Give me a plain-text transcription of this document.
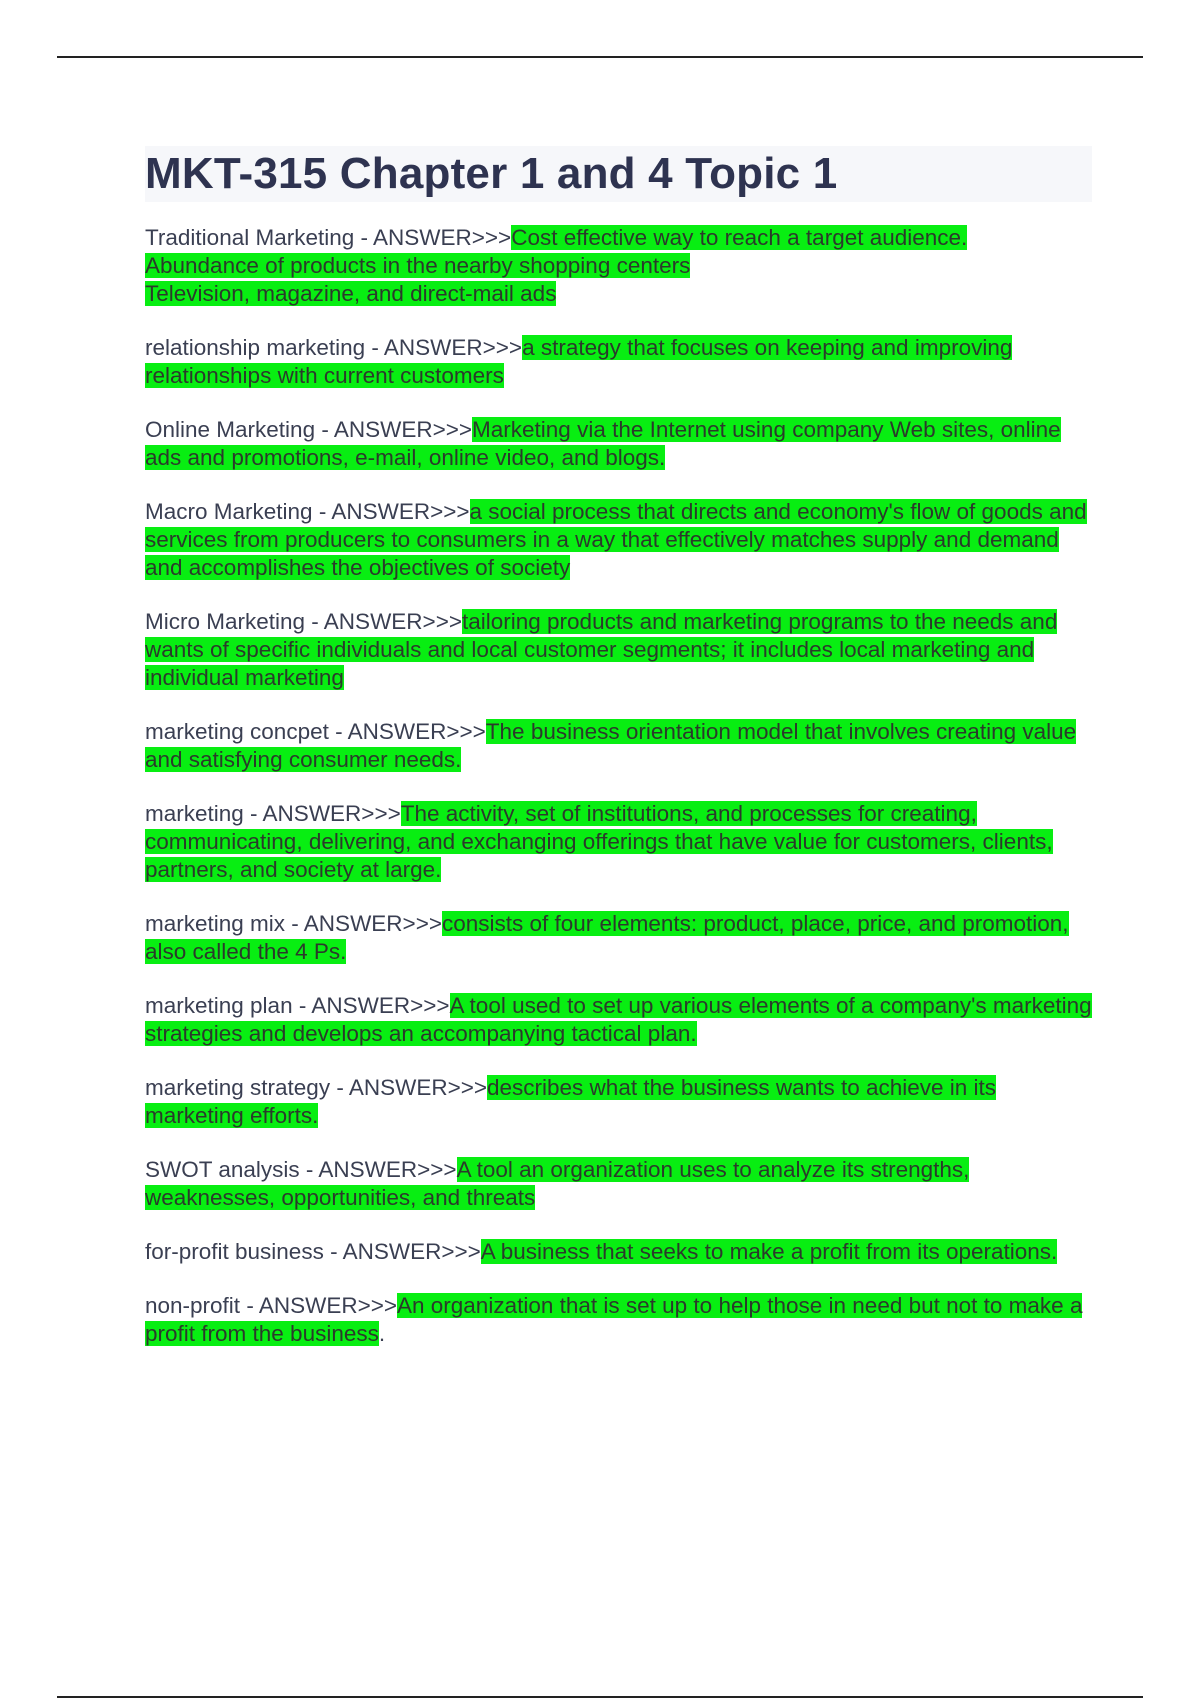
MKT-315 Chapter 1 and 4 Topic 1
Traditional Marketing - ANSWER>>>Cost effective way to reach a target audience.
Abundance of products in the nearby shopping centers
Television, magazine, and direct-mail ads
relationship marketing - ANSWER>>>a strategy that focuses on keeping and improving relationships with current customers
Online Marketing - ANSWER>>>Marketing via the Internet using company Web sites, online ads and promotions, e-mail, online video, and blogs.
Macro Marketing - ANSWER>>>a social process that directs and economy's flow of goods and services from producers to consumers in a way that effectively matches supply and demand and accomplishes the objectives of society
Micro Marketing - ANSWER>>>tailoring products and marketing programs to the needs and wants of specific individuals and local customer segments; it includes local marketing and individual marketing
marketing concpet - ANSWER>>>The business orientation model that involves creating value and satisfying consumer needs.
marketing - ANSWER>>>The activity, set of institutions, and processes for creating, communicating, delivering, and exchanging offerings that have value for customers, clients, partners, and society at large.
marketing mix - ANSWER>>>consists of four elements: product, place, price, and promotion, also called the 4 Ps.
marketing plan - ANSWER>>>A tool used to set up various elements of a company's marketing strategies and develops an accompanying tactical plan.
marketing strategy - ANSWER>>>describes what the business wants to achieve in its marketing efforts.
SWOT analysis - ANSWER>>>A tool an organization uses to analyze its strengths, weaknesses, opportunities, and threats
for-profit business - ANSWER>>>A business that seeks to make a profit from its operations.
non-profit - ANSWER>>>An organization that is set up to help those in need but not to make a profit from the business.
